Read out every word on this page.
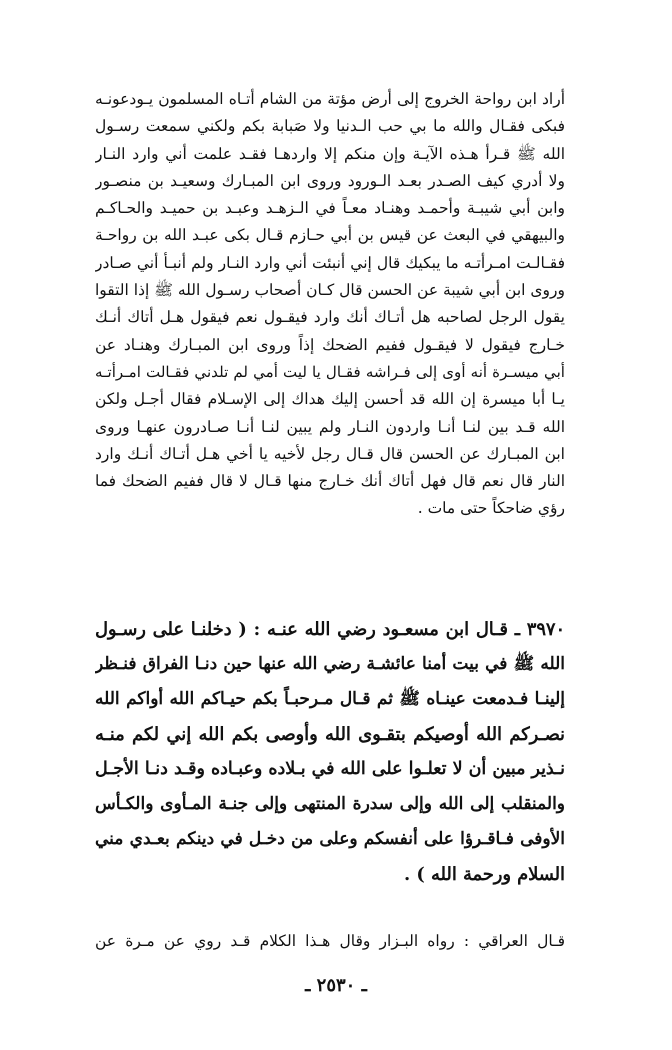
أراد ابن رواحة الخروج إلى أرض مؤتة من الشام أتـاه المسلمون يـودعونـه
فبكى فقـال والله ما بي حب الـدنيا ولا صَبابة بكم ولكني سمعت رسـول
الله ﷺ قـرأ هـذه الآيـة وإن منكم إلا واردهـا فقـد علمت أني وارد النـار
ولا أدري كيف الصـدر بعـد الـورود وروى ابن المبـارك وسعيـد بن منصـور
وابن أبي شيبـة وأحمـد وهنـاد معـاً في الـزهـد وعبـد بن حميـد والحـاكـم
والبيهقي في البعث عن قيس بن أبي حـازم قـال بكى عبـد الله بن رواحـة
فقـالـت امـرأتـه ما يبكيك قال إني أنبئت أني وارد النـار ولم أنبـأ أني صـادر
وروى ابن أبي شيبة عن الحسن قال كـان أصحاب رسـول الله ﷺ إذا التقوا
يقول الرجل لصاحبه هل أتـاك أنك وارد فيقـول نعم فيقول هـل أتاك أنـك
خـارج فيقول لا فيقـول ففيم الضحك إذاً وروى ابن المبـارك وهنـاد عن
أبي ميسـرة أنه أوى إلى فـراشه فقـال يا ليت أمي لم تلدني فقـالت امـرأتـه
يـا أبا ميسرة إن الله قد أحسن إليك هداك إلى الإسـلام فقال أجـل ولكن
الله قـد بين لنـا أنـا واردون النـار ولم يبين لنـا أنـا صـادرون عنهـا وروى
ابن المبـارك عن الحسن قال قـال رجل لأخيه يا أخي هـل أتـاك أنـك وارد
النار قال نعم قال فهل أتاك أنك خـارج منها قـال لا قال ففيم الضحك فما
رؤي ضاحكاً حتى مات .
٣٩٧٠ ـ قـال ابن مسعـود رضي الله عنـه : ( دخلنـا على رسـول
الله ﷺ في بيت أمنا عائشـة رضي الله عنها حين دنـا الفراق فنـظر
إلينـا فـدمعت عينـاه ﷺ ثم قـال مـرحبـاً بكم حيـاكم الله أواكم الله
نصـركم الله أوصيكم بتقـوى الله وأوصى بكم الله إني لكم منـه
نـذير مبين أن لا تعلـوا على الله في بـلاده وعبـاده وقـد دنـا الأجـل
والمنقلب إلى الله وإلى سدرة المنتهى وإلى جنـة المـأوى والكـأس
الأوفى فـاقـرؤا على أنفسكم وعلى من دخـل في دينكم بعـدي مني
السلام ورحمة الله ) .
قـال العراقي : رواه البـزار وقال هـذا الكلام قـد روي عن مـرة عن
ـ ٢٥٣٠ ـ
